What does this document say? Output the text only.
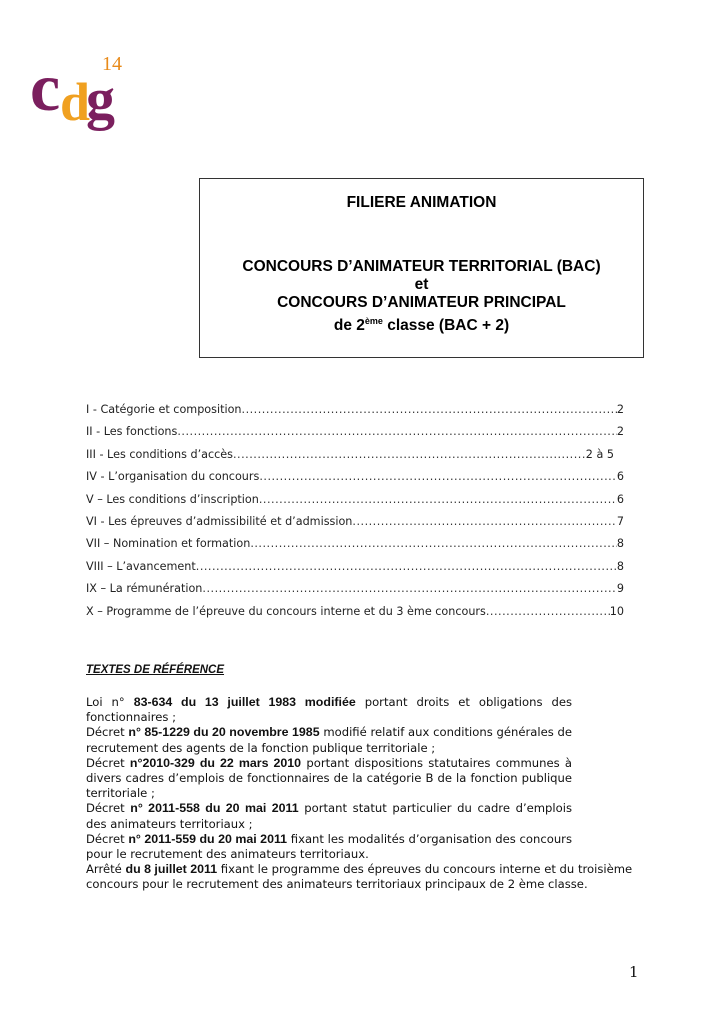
c d
g
14
FILIERE ANIMATION
CONCOURS D’ANIMATEUR TERRITORIAL (BAC)
et
CONCOURS D’ANIMATEUR PRINCIPAL
de 2ème classe (BAC + 2)
I - Catégorie et composition .....	2
II - Les fonctions .....	2
III - Les conditions d’accès .....	2 à 5
IV - L’organisation du concours .....	6
V – Les conditions d’inscription .....	6
VI - Les épreuves d’admissibilité et d’admission .....	7
VII – Nomination et formation .....	8
VIII – L’avancement .....	8
IX – La rémunération .....	9
X – Programme de l’épreuve du concours interne et du 3 ème concours .....	10
TEXTES DE RÉFÉRENCE
Loi n° 83-634 du 13 juillet 1983 modifiée portant droits et obligations des fonctionnaires ;
Décret n° 85-1229 du 20 novembre 1985 modifié relatif aux conditions générales de recrutement des agents de la fonction publique territoriale ;
Décret n°2010-329 du 22 mars 2010 portant dispositions statutaires communes à divers cadres d’emplois de fonctionnaires de la catégorie B de la fonction publique territoriale ;
Décret n° 2011-558 du 20 mai 2011 portant statut particulier du cadre d’emplois des animateurs territoriaux ;
Décret n° 2011-559 du 20 mai 2011 fixant les modalités d’organisation des concours pour le recrutement des animateurs territoriaux.
Arrêté du 8 juillet 2011 fixant le programme des épreuves du concours interne et du troisième concours pour le recrutement des animateurs territoriaux principaux de 2 ème classe.
1
